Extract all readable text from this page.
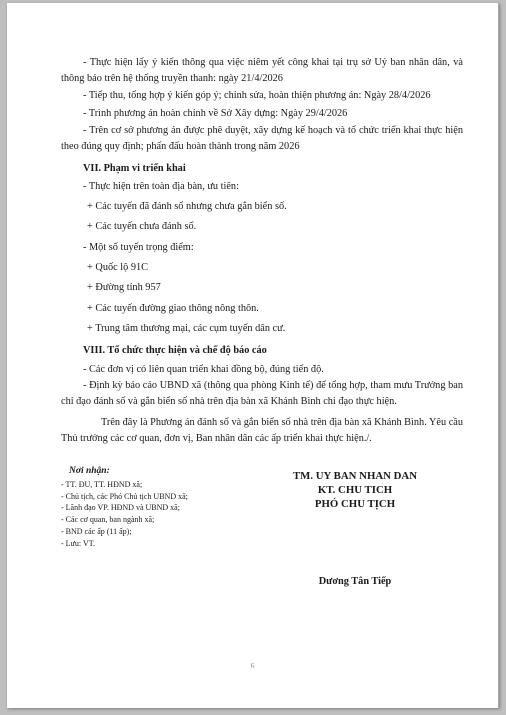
- Thực hiện lấy ý kiến thông qua việc niêm yết công khai tại trụ sở Uỷ ban nhân dân, và thông báo trên hệ thống truyền thanh: ngày 21/4/2026

- Tiếp thu, tổng hợp ý kiến góp ý; chỉnh sửa, hoàn thiện phương án: Ngày 28/4/2026

- Trình phương án hoàn chỉnh về Sở Xây dựng: Ngày 29/4/2026

- Trên cơ sở phương án được phê duyệt, xây dựng kế hoạch và tổ chức triển khai thực hiện theo đúng quy định; phấn đấu hoàn thành trong năm 2026

VII. Phạm vi triển khai
- Thực hiện trên toàn địa bàn, ưu tiên:
+ Các tuyến đã đánh số nhưng chưa gắn biển số.
+ Các tuyến chưa đánh số.
- Một số tuyến trọng điểm:
+ Quốc lộ 91C
+ Đường tỉnh 957
+ Các tuyến đường giao thông nông thôn.
+ Trung tâm thương mại, các cụm tuyến dân cư.
VIII. Tổ chức thực hiện và chế độ báo cáo

- Các đơn vị có liên quan triển khai đồng bộ, đúng tiến độ.

- Định kỳ báo cáo UBND xã (thông qua phòng Kinh tế) để tổng hợp, tham mưu Trưởng ban chỉ đạo đánh số và gắn biển số nhà trên địa bàn xã Khánh Bình chỉ đạo thực hiện.

Trên đây là Phương án đánh số và gắn biển số nhà trên địa bàn xã Khánh Bình. Yêu cầu Thủ trưởng các cơ quan, đơn vị, Ban nhân dân các ấp triển khai thực hiện./.

Nơi nhận:
- TT. ĐU, TT. HĐND xã;
- Chủ tịch, các Phó Chủ tịch UBND xã;
- Lãnh đạo VP. HĐND và UBND xã;
- Các cơ quan, ban ngành xã;
- BND các ấp (11 ấp);
- Lưu: VT.
TM. UY BAN NHAN DAN
KT. CHU TICH
PHÓ CHU TỊCH
Dương Tân Tiếp
6
